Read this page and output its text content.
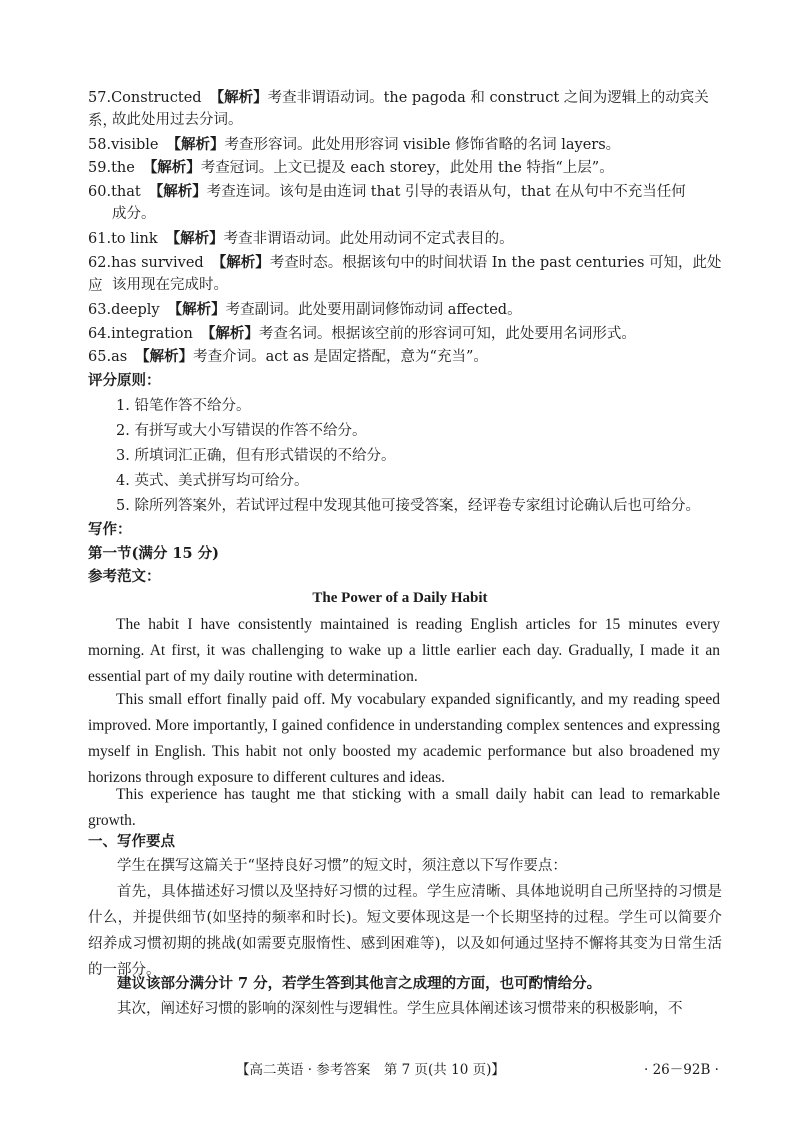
57.Constructed 【解析】考查非谓语动词。the pagoda 和 construct 之间为逻辑上的动宾关系，
故此处用过去分词。
58.visible 【解析】考查形容词。此处用形容词 visible 修饰省略的名词 layers。
59.the 【解析】考查冠词。上文已提及 each storey，此处用 the 特指“上层”。
60.that 【解析】考查连词。该句是由连词 that 引导的表语从句，that 在从句中不充当任何
成分。
61.to link 【解析】考查非谓语动词。此处用动词不定式表目的。
62.has survived 【解析】考查时态。根据该句中的时间状语 In the past centuries 可知，此处应 该用现在完成时。
63.deeply 【解析】考查副词。此处要用副词修饰动词 affected。
64.integration 【解析】考查名词。根据该空前的形容词可知，此处要用名词形式。
65.as 【解析】考查介词。act as 是固定搭配，意为“充当”。
评分原则：
1. 铅笔作答不给分。
2. 有拼写或大小写错误的作答不给分。
3. 所填词汇正确，但有形式错误的不给分。
4. 英式、美式拼写均可给分。
5. 除所列答案外，若试评过程中发现其他可接受答案，经评卷专家组讨论确认后也可给分。
写作：
第一节(满分 15 分)
参考范文：
The Power of a Daily Habit
The habit I have consistently maintained is reading English articles for 15 minutes every morning. At first, it was challenging to wake up a little earlier each day. Gradually, I made it an essential part of my daily routine with determination.
This small effort finally paid off. My vocabulary expanded significantly, and my reading speed improved. More importantly, I gained confidence in understanding complex sentences and expressing myself in English. This habit not only boosted my academic performance but also broadened my horizons through exposure to different cultures and ideas.
This experience has taught me that sticking with a small daily habit can lead to remarkable growth.
一、写作要点
学生在撰写这篇关于“坚持良好习惯”的短文时，须注意以下写作要点：
首先，具体描述好习惯以及坚持好习惯的过程。学生应清晰、具体地说明自己所坚持的习惯是什么，并提供细节(如坚持的频率和时长)。短文要体现这是一个长期坚持的过程。学生可以简要介绍养成习惯初期的挑战(如需要克服惰性、感到困难等)，以及如何通过坚持不懈将其变为日常生活的一部分。
建议该部分满分计 7 分，若学生答到其他言之成理的方面，也可酌情给分。
其次，阐述好习惯的影响的深刻性与逻辑性。学生应具体阐述该习惯带来的积极影响，不
【高二英语 · 参考答案　第 7 页(共 10 页)】	· 26－92B ·
